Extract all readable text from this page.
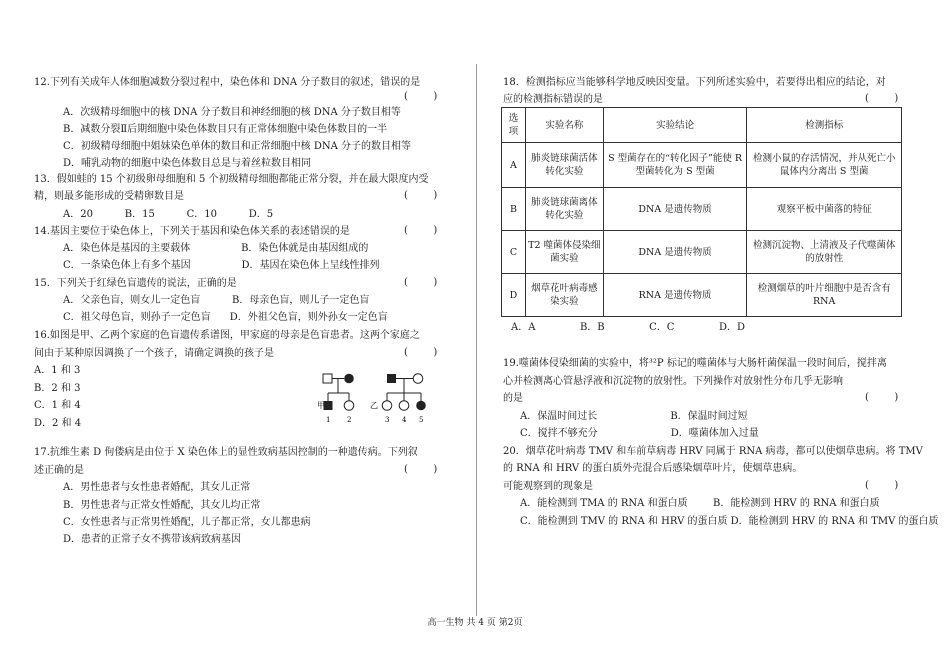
12.下列有关成年人体细胞减数分裂过程中，染色体和 DNA 分子数目的叙述，错误的是
(        )
A．次级精母细胞中的核 DNA 分子数目和神经细胞的核 DNA 分子数目相等
B．减数分裂Ⅱ后期细胞中染色体数目只有正常体细胞中染色体数目的一半
C．初级精母细胞中姐妹染色单体的数目和正常细胞中核 DNA 分子的数目相等
D．哺乳动物的细胞中染色体数目总是与着丝粒数目相同
13．假如蛙的 15 个初级卵母细胞和 5 个初级精母细胞都能正常分裂，并在最大限度内受
精，则最多能形成的受精卵数目是	(        )
A．20          B．15          C．10          D．5
14.基因主要位于染色体上，下列关于基因和染色体关系的表述错误的是	(        )
A．染色体是基因的主要载体                B．染色体就是由基因组成的
C．一条染色体上有多个基因                D．基因在染色体上呈线性排列
15．下列关于红绿色盲遗传的说法，正确的是	(        )
A．父亲色盲，则女儿一定色盲          B．母亲色盲，则儿子一定色盲
C．祖父母色盲，则孙子一定色盲      D．外祖父色盲，则外孙女一定色盲
16.如图是甲、乙两个家庭的色盲遗传系谱图，甲家庭的母亲是色盲患者。这两个家庭之
间由于某种原因调换了一个孩子，请确定调换的孩子是	(        )
A．1 和 3
B．2 和 3
C．1 和 4
D．2 和 4
甲
1 2
乙
3 4 5
17.抗维生素 D 佝偻病是由位于 X 染色体上的显性致病基因控制的一种遗传病。下列叙
述正确的是	(        )
A．男性患者与女性患者婚配，其女儿正常
B．男性患者与正常女性婚配，其女儿均正常
C．女性患者与正常男性婚配，儿子都正常，女儿都患病
D．患者的正常子女不携带该病致病基因
18．检测指标应当能够科学地反映因变量。下列所述实验中，若要得出相应的结论，对
应的检测指标错误的是	(        )
选项	实验名称	实验结论	检测指标
A	肺炎链球菌活体转化实验	S 型菌存在的“转化因子”能使 R 型菌转化为 S 型菌	检测小鼠的存活情况，并从死亡小鼠体内分离出 S 型菌
B	肺炎链球菌离体转化实验	DNA 是遗传物质	观察平板中菌落的特征
C	T2 噬菌体侵染细菌实验	DNA 是遗传物质	检测沉淀物、上清液及子代噬菌体的放射性
D	烟草花叶病毒感染实验	RNA 是遗传物质	检测烟草的叶片细胞中是否含有 RNA
A．A              B．B              C．C              D．D
19.噬菌体侵染细菌的实验中，将³²P 标记的噬菌体与大肠杆菌保温一段时间后，搅拌离
心并检测离心管悬浮液和沉淀物的放射性。下列操作对放射性分布几乎无影响
的是	(        )
A．保温时间过长                       B．保温时间过短
C．搅拌不够充分                       D．噬菌体加入过量
20．烟草花叶病毒 TMV 和车前草病毒 HRV 同属于 RNA 病毒，都可以使烟草患病。将 TMV
的 RNA 和 HRV 的蛋白质外壳混合后感染烟草叶片，使烟草患病。
可能观察到的现象是	(        )
A．能检测到 TMA 的 RNA 和蛋白质        B．能检测到 HRV 的 RNA 和蛋白质
C．能检测到 TMV 的 RNA 和 HRV 的蛋白质 D．能检测到 HRV 的 RNA 和 TMV 的蛋白质
高一生物 共 4 页 第2页
